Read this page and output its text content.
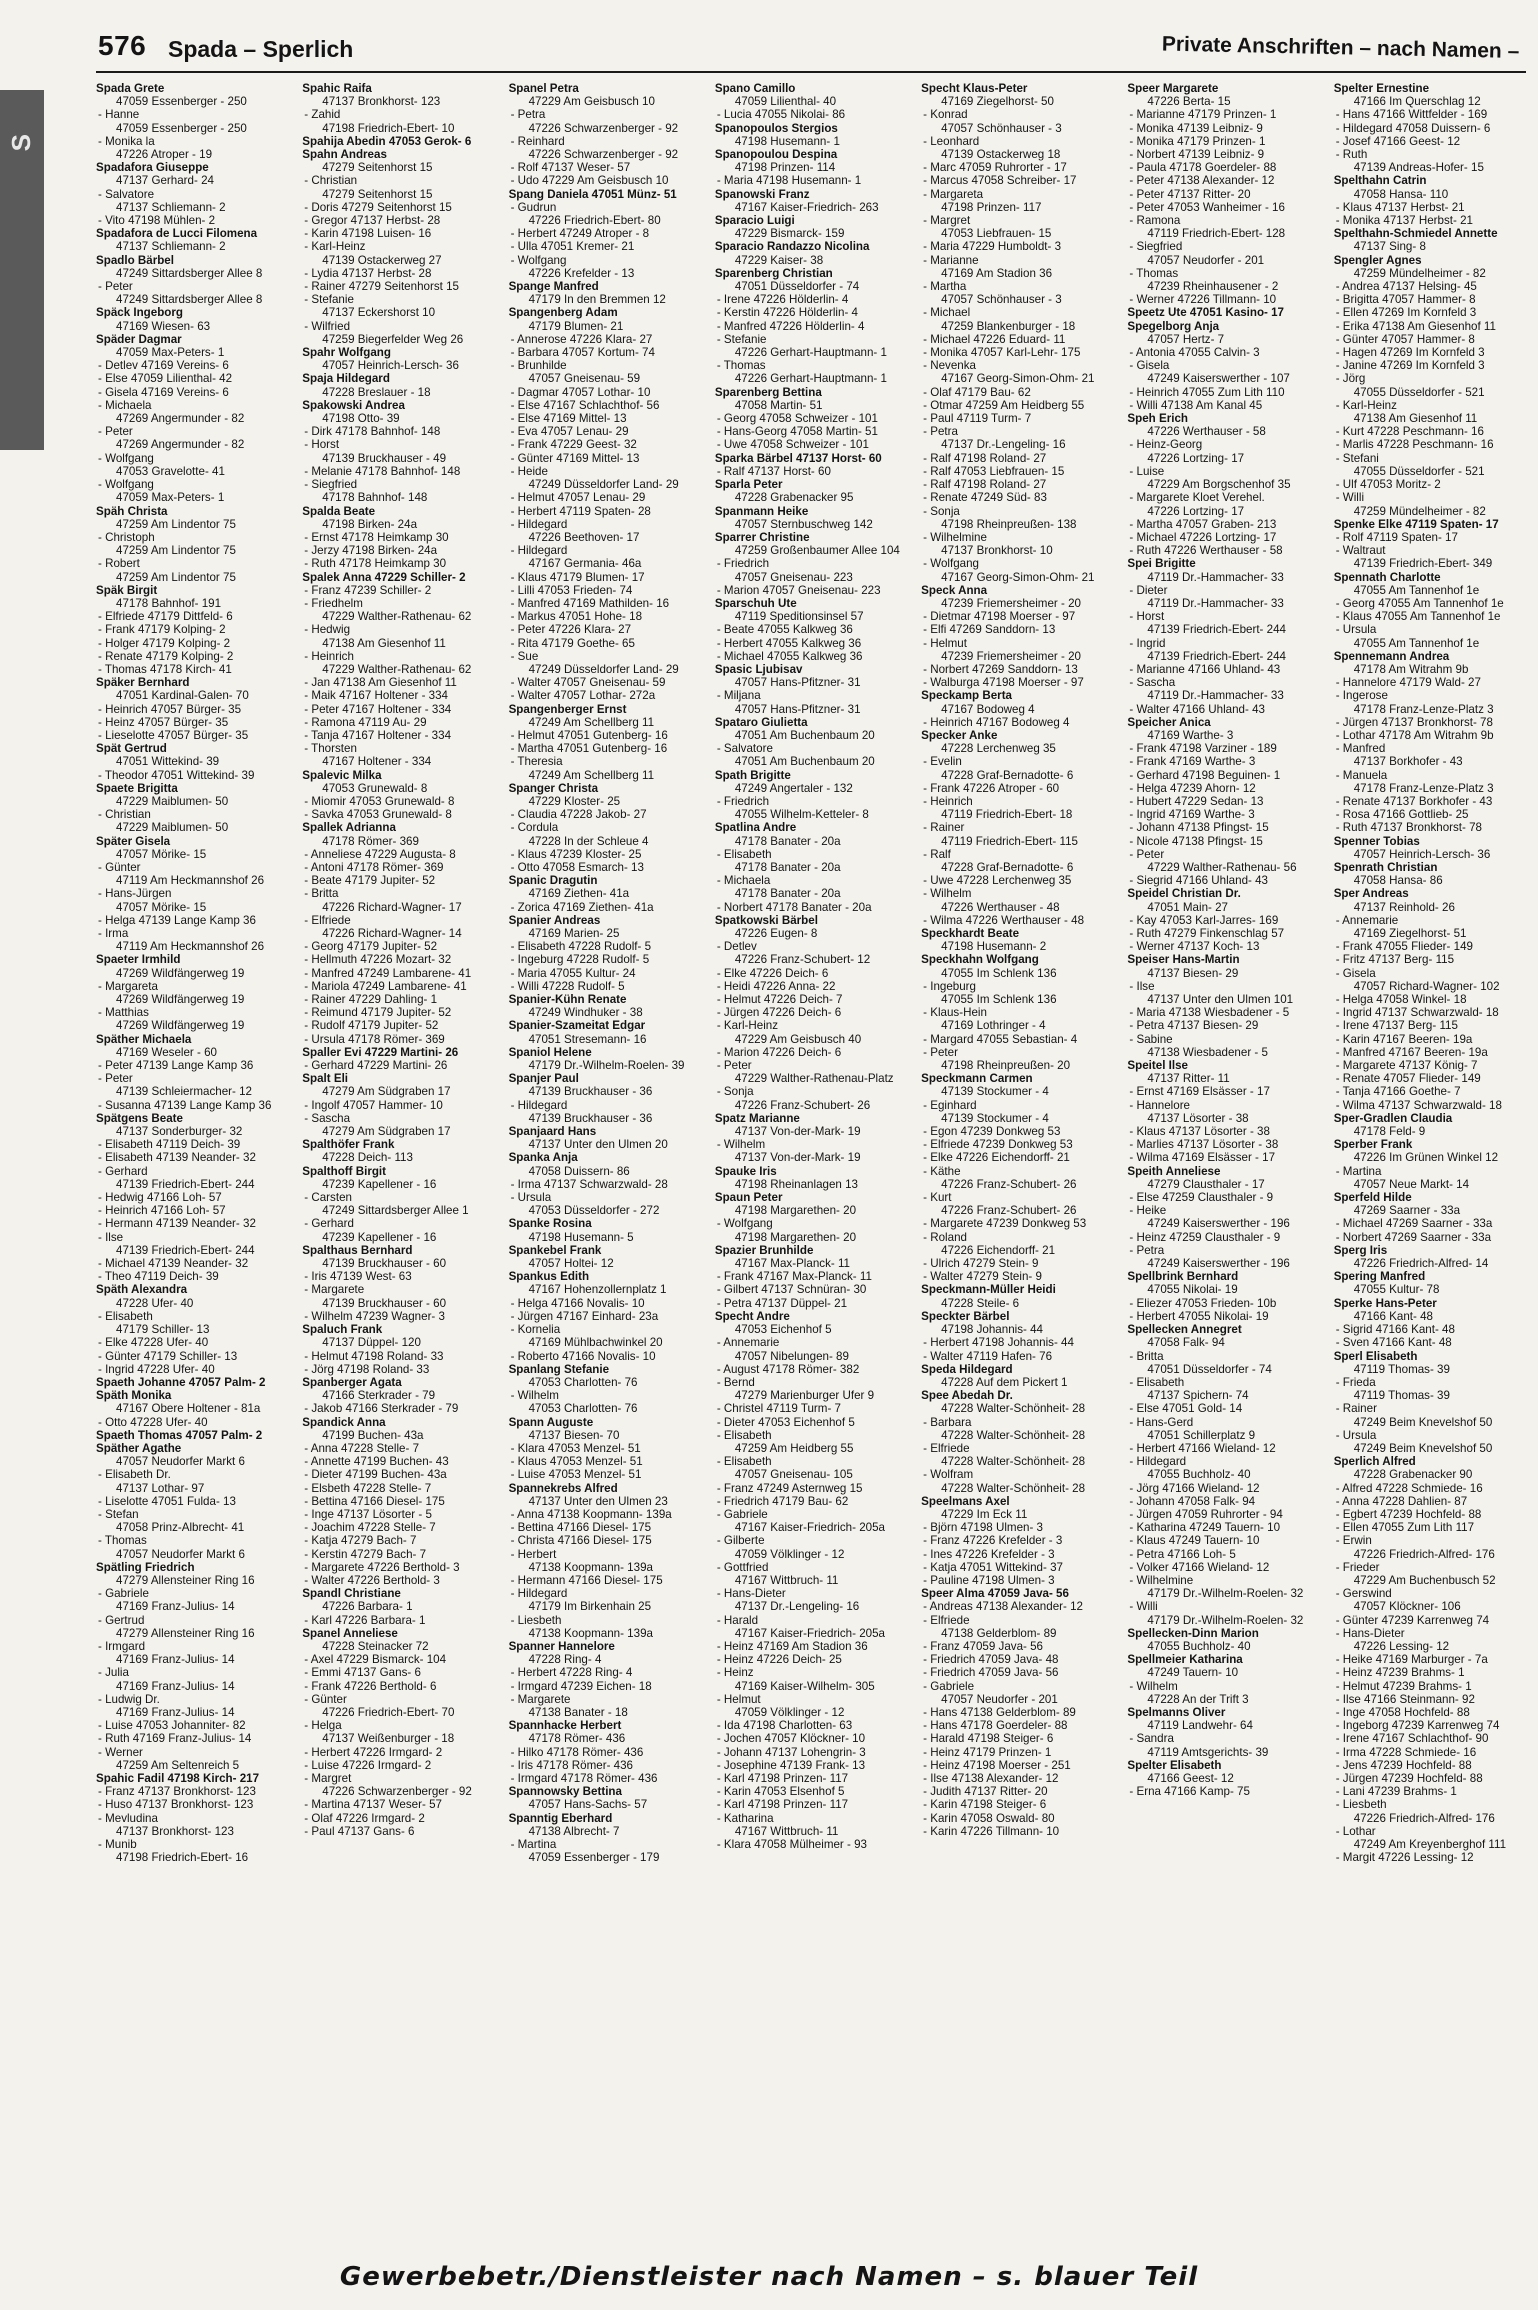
576 Spada – Sperlich	Private Anschriften – nach Namen –
S
Spada Grete
47059 Essenberger - 250
- Hanne
47059 Essenberger - 250
- Monika la
47226 Atroper - 19
Spadafora Giuseppe
47137 Gerhard- 24
- Salvatore
47137 Schliemann- 2
- Vito 47198 Mühlen- 2
Spadafora de Lucci Filomena
47137 Schliemann- 2
Spadlo Bärbel
47249 Sittardsberger Allee 8
- Peter
47249 Sittardsberger Allee 8
Späck Ingeborg
47169 Wiesen- 63
Späder Dagmar
47059 Max-Peters- 1
- Detlev 47169 Vereins- 6
- Else 47059 Lilienthal- 42
- Gisela 47169 Vereins- 6
- Michaela
47269 Angermunder - 82
- Peter
47269 Angermunder - 82
- Wolfgang
47053 Gravelotte- 41
- Wolfgang
47059 Max-Peters- 1
Späh Christa
47259 Am Lindentor 75
- Christoph
47259 Am Lindentor 75
- Robert
47259 Am Lindentor 75
Späk Birgit
47178 Bahnhof- 191
- Elfriede 47179 Dittfeld- 6
- Frank 47179 Kolping- 2
- Holger 47179 Kolping- 2
- Renate 47179 Kolping- 2
- Thomas 47178 Kirch- 41
Späker Bernhard
47051 Kardinal-Galen- 70
- Heinrich 47057 Bürger- 35
- Heinz 47057 Bürger- 35
- Lieselotte 47057 Bürger- 35
Spät Gertrud
47051 Wittekind- 39
- Theodor 47051 Wittekind- 39
Spaete Brigitta
47229 Maiblumen- 50
- Christian
47229 Maiblumen- 50
Später Gisela
47057 Mörike- 15
- Günter
47119 Am Heckmannshof 26
- Hans-Jürgen
47057 Mörike- 15
- Helga 47139 Lange Kamp 36
- Irma
47119 Am Heckmannshof 26
Spaeter Irmhild
47269 Wildfängerweg 19
- Margareta
47269 Wildfängerweg 19
- Matthias
47269 Wildfängerweg 19
Späther Michaela
47169 Weseler - 60
- Peter 47139 Lange Kamp 36
- Peter
47139 Schleiermacher- 12
- Susanna 47139 Lange Kamp 36
Spätgens Beate
47137 Sonderburger- 32
- Elisabeth 47119 Deich- 39
- Elisabeth 47139 Neander- 32
- Gerhard
47139 Friedrich-Ebert- 244
- Hedwig 47166 Loh- 57
- Heinrich 47166 Loh- 57
- Hermann 47139 Neander- 32
- Ilse
47139 Friedrich-Ebert- 244
- Michael 47139 Neander- 32
- Theo 47119 Deich- 39
Späth Alexandra
47228 Ufer- 40
- Elisabeth
47179 Schiller- 13
- Elke 47228 Ufer- 40
- Günter 47179 Schiller- 13
- Ingrid 47228 Ufer- 40
Spaeth Johanne 47057 Palm- 2
Späth Monika
47167 Obere Holtener - 81a
- Otto 47228 Ufer- 40
Spaeth Thomas 47057 Palm- 2
Späther Agathe
47057 Neudorfer Markt 6
- Elisabeth Dr.
47137 Lothar- 97
- Liselotte 47051 Fulda- 13
- Stefan
47058 Prinz-Albrecht- 41
- Thomas
47057 Neudorfer Markt 6
Spätling Friedrich
47279 Allensteiner Ring 16
- Gabriele
47169 Franz-Julius- 14
- Gertrud
47279 Allensteiner Ring 16
- Irmgard
47169 Franz-Julius- 14
- Julia
47169 Franz-Julius- 14
- Ludwig Dr.
47169 Franz-Julius- 14
- Luise 47053 Johanniter- 82
- Ruth 47169 Franz-Julius- 14
- Werner
47259 Am Seltenreich 5
Spahic Fadil 47198 Kirch- 217
- Franz 47137 Bronkhorst- 123
- Huso 47137 Bronkhorst- 123
- Mevludina
47137 Bronkhorst- 123
- Munib
47198 Friedrich-Ebert- 16
Spahic Raifa
47137 Bronkhorst- 123
- Zahid
47198 Friedrich-Ebert- 10
Spahija Abedin 47053 Gerok- 6
Spahn Andreas
47279 Seitenhorst 15
- Christian
47279 Seitenhorst 15
- Doris 47279 Seitenhorst 15
- Gregor 47137 Herbst- 28
- Karin 47198 Luisen- 16
- Karl-Heinz
47139 Ostackerweg 27
- Lydia 47137 Herbst- 28
- Rainer 47279 Seitenhorst 15
- Stefanie
47137 Eckershorst 10
- Wilfried
47259 Biegerfelder Weg 26
Spahr Wolfgang
47057 Heinrich-Lersch- 36
Spaja Hildegard
47228 Breslauer - 18
Spakowski Andrea
47198 Otto- 39
- Dirk 47178 Bahnhof- 148
- Horst
47139 Bruckhauser - 49
- Melanie 47178 Bahnhof- 148
- Siegfried
47178 Bahnhof- 148
Spalda Beate
47198 Birken- 24a
- Ernst 47178 Heimkamp 30
- Jerzy 47198 Birken- 24a
- Ruth 47178 Heimkamp 30
Spalek Anna 47229 Schiller- 2
- Franz 47239 Schiller- 2
- Friedhelm
47229 Walther-Rathenau- 62
- Hedwig
47138 Am Giesenhof 11
- Heinrich
47229 Walther-Rathenau- 62
- Jan 47138 Am Giesenhof 11
- Maik 47167 Holtener - 334
- Peter 47167 Holtener - 334
- Ramona 47119 Au- 29
- Tanja 47167 Holtener - 334
- Thorsten
47167 Holtener - 334
Spalevic Milka
47053 Grunewald- 8
- Miomir 47053 Grunewald- 8
- Savka 47053 Grunewald- 8
Spallek Adrianna
47178 Römer- 369
- Anneliese 47229 Augusta- 8
- Antoni 47178 Römer- 369
- Beate 47179 Jupiter- 52
- Britta
47226 Richard-Wagner- 17
- Elfriede
47226 Richard-Wagner- 14
- Georg 47179 Jupiter- 52
- Hellmuth 47226 Mozart- 32
- Manfred 47249 Lambarene- 41
- Mariola 47249 Lambarene- 41
- Rainer 47229 Dahling- 1
- Reimund 47179 Jupiter- 52
- Rudolf 47179 Jupiter- 52
- Ursula 47178 Römer- 369
Spaller Evi 47229 Martini- 26
- Gerhard 47229 Martini- 26
Spalt Eli
47279 Am Südgraben 17
- Ingolf 47057 Hammer- 10
- Sascha
47279 Am Südgraben 17
Spalthöfer Frank
47228 Deich- 113
Spalthoff Birgit
47239 Kapellener - 16
- Carsten
47249 Sittardsberger Allee 1
- Gerhard
47239 Kapellener - 16
Spalthaus Bernhard
47139 Bruckhauser - 60
- Iris 47139 West- 63
- Margarete
47139 Bruckhauser - 60
- Wilhelm 47239 Wagner- 3
Spaluch Frank
47137 Düppel- 120
- Helmut 47198 Roland- 33
- Jörg 47198 Roland- 33
Spanberger Agata
47166 Sterkrader - 79
- Jakob 47166 Sterkrader - 79
Spandick Anna
47199 Buchen- 43a
- Anna 47228 Stelle- 7
- Annette 47199 Buchen- 43
- Dieter 47199 Buchen- 43a
- Elsbeth 47228 Stelle- 7
- Bettina 47166 Diesel- 175
- Inge 47137 Lösorter - 5
- Joachim 47228 Stelle- 7
- Katja 47279 Bach- 7
- Kerstin 47279 Bach- 7
- Margarete 47226 Berthold- 3
- Walter 47226 Berthold- 3
Spandl Christiane
47226 Barbara- 1
- Karl 47226 Barbara- 1
Spanel Anneliese
47228 Steinacker 72
- Axel 47229 Bismarck- 104
- Emmi 47137 Gans- 6
- Frank 47226 Berthold- 6
- Günter
47226 Friedrich-Ebert- 70
- Helga
47137 Weißenburger - 18
- Herbert 47226 Irmgard- 2
- Luise 47226 Irmgard- 2
- Margret
47226 Schwarzenberger - 92
- Martina 47137 Weser- 57
- Olaf 47226 Irmgard- 2
- Paul 47137 Gans- 6
Spanel Petra
47229 Am Geisbusch 10
- Petra
47226 Schwarzenberger - 92
- Reinhard
47226 Schwarzenberger - 92
- Rolf 47137 Weser- 57
- Udo 47229 Am Geisbusch 10
Spang Daniela 47051 Münz- 51
- Gudrun
47226 Friedrich-Ebert- 80
- Herbert 47249 Atroper - 8
- Ulla 47051 Kremer- 21
- Wolfgang
47226 Krefelder - 13
Spange Manfred
47179 In den Bremmen 12
Spangenberg Adam
47179 Blumen- 21
- Annerose 47226 Klara- 27
- Barbara 47057 Kortum- 74
- Brunhilde
47057 Gneisenau- 59
- Dagmar 47057 Lothar- 10
- Else 47167 Schlachthof- 56
- Else 47169 Mittel- 13
- Eva 47057 Lenau- 29
- Frank 47229 Geest- 32
- Günter 47169 Mittel- 13
- Heide
47249 Düsseldorfer Land- 29
- Helmut 47057 Lenau- 29
- Herbert 47119 Spaten- 28
- Hildegard
47226 Beethoven- 17
- Hildegard
47167 Germania- 46a
- Klaus 47179 Blumen- 17
- Lilli 47053 Frieden- 74
- Manfred 47169 Mathilden- 16
- Markus 47051 Hohe- 18
- Peter 47226 Klara- 27
- Rita 47179 Goethe- 65
- Sue
47249 Düsseldorfer Land- 29
- Walter 47057 Gneisenau- 59
- Walter 47057 Lothar- 272a
Spangenberger Ernst
47249 Am Schellberg 11
- Helmut 47051 Gutenberg- 16
- Martha 47051 Gutenberg- 16
- Theresia
47249 Am Schellberg 11
Spanger Christa
47229 Kloster- 25
- Claudia 47228 Jakob- 27
- Cordula
47228 In der Schleue 4
- Klaus 47239 Kloster- 25
- Otto 47058 Esmarch- 13
Spanic Dragutin
47169 Ziethen- 41a
- Zorica 47169 Ziethen- 41a
Spanier Andreas
47169 Marien- 25
- Elisabeth 47228 Rudolf- 5
- Ingeburg 47228 Rudolf- 5
- Maria 47055 Kultur- 24
- Willi 47228 Rudolf- 5
Spanier-Kühn Renate
47249 Windhuker - 38
Spanier-Szameitat Edgar
47051 Stresemann- 16
Spaniol Helene
47179 Dr.-Wilhelm-Roelen- 39
Spanjer Paul
47139 Bruckhauser - 36
- Hildegard
47139 Bruckhauser - 36
Spanjaard Hans
47137 Unter den Ulmen 20
Spanka Anja
47058 Duissern- 86
- Irma 47137 Schwarzwald- 28
- Ursula
47053 Düsseldorfer - 272
Spanke Rosina
47198 Husemann- 5
Spankebel Frank
47057 Holtei- 12
Spankus Edith
47167 Hohenzollernplatz 1
- Helga 47166 Novalis- 10
- Jürgen 47167 Einhard- 23a
- Kornelia
47169 Mühlbachwinkel 20
- Roberto 47166 Novalis- 10
Spanlang Stefanie
47053 Charlotten- 76
- Wilhelm
47053 Charlotten- 76
Spann Auguste
47137 Biesen- 70
- Klara 47053 Menzel- 51
- Klaus 47053 Menzel- 51
- Luise 47053 Menzel- 51
Spannekrebs Alfred
47137 Unter den Ulmen 23
- Anna 47138 Koopmann- 139a
- Bettina 47166 Diesel- 175
- Christa 47166 Diesel- 175
- Herbert
47138 Koopmann- 139a
- Hermann 47166 Diesel- 175
- Hildegard
47179 Im Birkenhain 25
- Liesbeth
47138 Koopmann- 139a
Spanner Hannelore
47228 Ring- 4
- Herbert 47228 Ring- 4
- Irmgard 47239 Eichen- 18
- Margarete
47138 Banater - 18
Spannhacke Herbert
47178 Römer- 436
- Hilko 47178 Römer- 436
- Iris 47178 Römer- 436
- Irmgard 47178 Römer- 436
Spannowsky Bettina
47057 Hans-Sachs- 57
Spanntig Eberhard
47138 Albrecht- 7
- Martina
47059 Essenberger - 179
Spano Camillo
47059 Lilienthal- 40
- Lucia 47055 Nikolai- 86
Spanopoulos Stergios
47198 Husemann- 1
Spanopoulou Despina
47198 Prinzen- 114
- Maria 47198 Husemann- 1
Spanowski Franz
47167 Kaiser-Friedrich- 263
Sparacio Luigi
47229 Bismarck- 159
Sparacio Randazzo Nicolina
47229 Kaiser- 38
Sparenberg Christian
47051 Düsseldorfer - 74
- Irene 47226 Hölderlin- 4
- Kerstin 47226 Hölderlin- 4
- Manfred 47226 Hölderlin- 4
- Stefanie
47226 Gerhart-Hauptmann- 1
- Thomas
47226 Gerhart-Hauptmann- 1
Sparenberg Bettina
47058 Martin- 51
- Georg 47058 Schweizer - 101
- Hans-Georg 47058 Martin- 51
- Uwe 47058 Schweizer - 101
Sparka Bärbel 47137 Horst- 60
- Ralf 47137 Horst- 60
Sparla Peter
47228 Grabenacker 95
Spanmann Heike
47057 Sternbuschweg 142
Sparrer Christine
47259 Großenbaumer Allee 104
- Friedrich
47057 Gneisenau- 223
- Marion 47057 Gneisenau- 223
Sparschuh Ute
47119 Speditionsinsel 57
- Beate 47055 Kalkweg 36
- Herbert 47055 Kalkweg 36
- Michael 47055 Kalkweg 36
Spasic Ljubisav
47057 Hans-Pfitzner- 31
- Miljana
47057 Hans-Pfitzner- 31
Spataro Giulietta
47051 Am Buchenbaum 20
- Salvatore
47051 Am Buchenbaum 20
Spath Brigitte
47249 Angertaler - 132
- Friedrich
47055 Wilhelm-Ketteler- 8
Spatlina Andre
47178 Banater - 20a
- Elisabeth
47178 Banater - 20a
- Michaela
47178 Banater - 20a
- Norbert 47178 Banater - 20a
Spatkowski Bärbel
47226 Eugen- 8
- Detlev
47226 Franz-Schubert- 12
- Elke 47226 Deich- 6
- Heidi 47226 Anna- 22
- Helmut 47226 Deich- 7
- Jürgen 47226 Deich- 6
- Karl-Heinz
47229 Am Geisbusch 40
- Marion 47226 Deich- 6
- Peter
47229 Walther-Rathenau-Platz
- Sonja
47226 Franz-Schubert- 26
Spatz Marianne
47137 Von-der-Mark- 19
- Wilhelm
47137 Von-der-Mark- 19
Spauke Iris
47198 Rheinanlagen 13
Spaun Peter
47198 Margarethen- 20
- Wolfgang
47198 Margarethen- 20
Spazier Brunhilde
47167 Max-Planck- 11
- Frank 47167 Max-Planck- 11
- Gilbert 47137 Schnüran- 30
- Petra 47137 Düppel- 21
Specht Andre
47053 Eichenhof 5
- Annemarie
47057 Nibelungen- 89
- August 47178 Römer- 382
- Bernd
47279 Marienburger Ufer 9
- Christel 47119 Turm- 7
- Dieter 47053 Eichenhof 5
- Elisabeth
47259 Am Heidberg 55
- Elisabeth
47057 Gneisenau- 105
- Franz 47249 Asternweg 15
- Friedrich 47179 Bau- 62
- Gabriele
47167 Kaiser-Friedrich- 205a
- Gilberte
47059 Völklinger - 12
- Gottfried
47167 Wittbruch- 11
- Hans-Dieter
47137 Dr.-Lengeling- 16
- Harald
47167 Kaiser-Friedrich- 205a
- Heinz 47169 Am Stadion 36
- Heinz 47226 Deich- 25
- Heinz
47169 Kaiser-Wilhelm- 305
- Helmut
47059 Völklinger - 12
- Ida 47198 Charlotten- 63
- Jochen 47057 Klöckner- 10
- Johann 47137 Lohengrin- 3
- Josephine 47139 Frank- 13
- Karl 47198 Prinzen- 117
- Karin 47053 Elsenhof 5
- Karl 47198 Prinzen- 117
- Katharina
47167 Wittbruch- 11
- Klara 47058 Mülheimer - 93
Specht Klaus-Peter
47169 Ziegelhorst- 50
- Konrad
47057 Schönhauser - 3
- Leonhard
47139 Ostackerweg 18
- Marc 47059 Ruhrorter - 17
- Marcus 47058 Schreiber- 17
- Margareta
47198 Prinzen- 117
- Margret
47053 Liebfrauen- 15
- Maria 47229 Humboldt- 3
- Marianne
47169 Am Stadion 36
- Martha
47057 Schönhauser - 3
- Michael
47259 Blankenburger - 18
- Michael 47226 Eduard- 11
- Monika 47057 Karl-Lehr- 175
- Nevenka
47167 Georg-Simon-Ohm- 21
- Olaf 47179 Bau- 62
- Otmar 47259 Am Heidberg 55
- Paul 47119 Turm- 7
- Petra
47137 Dr.-Lengeling- 16
- Ralf 47198 Roland- 27
- Ralf 47053 Liebfrauen- 15
- Ralf 47198 Roland- 27
- Renate 47249 Süd- 83
- Sonja
47198 Rheinpreußen- 138
- Wilhelmine
47137 Bronkhorst- 10
- Wolfgang
47167 Georg-Simon-Ohm- 21
Speck Anna
47239 Friemersheimer - 20
- Dietmar 47198 Moerser - 97
- Elfi 47269 Sanddorn- 13
- Helmut
47239 Friemersheimer - 20
- Norbert 47269 Sanddorn- 13
- Walburga 47198 Moerser - 97
Speckamp Berta
47167 Bodoweg 4
- Heinrich 47167 Bodoweg 4
Specker Anke
47228 Lerchenweg 35
- Evelin
47228 Graf-Bernadotte- 6
- Frank 47226 Atroper - 60
- Heinrich
47119 Friedrich-Ebert- 18
- Rainer
47119 Friedrich-Ebert- 115
- Ralf
47228 Graf-Bernadotte- 6
- Uwe 47228 Lerchenweg 35
- Wilhelm
47226 Werthauser - 48
- Wilma 47226 Werthauser - 48
Speckhardt Beate
47198 Husemann- 2
Speckhahn Wolfgang
47055 Im Schlenk 136
- Ingeburg
47055 Im Schlenk 136
- Klaus-Hein
47169 Lothringer - 4
- Margard 47055 Sebastian- 4
- Peter
47198 Rheinpreußen- 20
Speckmann Carmen
47139 Stockumer - 4
- Eginhard
47139 Stockumer - 4
- Egon 47239 Donkweg 53
- Elfriede 47239 Donkweg 53
- Elke 47226 Eichendorff- 21
- Käthe
47226 Franz-Schubert- 26
- Kurt
47226 Franz-Schubert- 26
- Margarete 47239 Donkweg 53
- Roland
47226 Eichendorff- 21
- Ulrich 47279 Stein- 9
- Walter 47279 Stein- 9
Speckmann-Müller Heidi
47228 Steile- 6
Speckter Bärbel
47198 Johannis- 44
- Herbert 47198 Johannis- 44
- Walter 47119 Hafen- 76
Speda Hildegard
47228 Auf dem Pickert 1
Spee Abedah Dr.
47228 Walter-Schönheit- 28
- Barbara
47228 Walter-Schönheit- 28
- Elfriede
47228 Walter-Schönheit- 28
- Wolfram
47228 Walter-Schönheit- 28
Speelmans Axel
47229 Im Eck 11
- Björn 47198 Ulmen- 3
- Franz 47226 Krefelder - 3
- Ines 47226 Krefelder - 3
- Katja 47051 Wittekind- 37
- Pauline 47198 Ulmen- 3
Speer Alma 47059 Java- 56
- Andreas 47138 Alexander- 12
- Elfriede
47138 Gelderblom- 89
- Franz 47059 Java- 56
- Friedrich 47059 Java- 48
- Friedrich 47059 Java- 56
- Gabriele
47057 Neudorfer - 201
- Hans 47138 Gelderblom- 89
- Hans 47178 Goerdeler- 88
- Harald 47198 Steiger- 6
- Heinz 47179 Prinzen- 1
- Heinz 47198 Moerser - 251
- Ilse 47138 Alexander- 12
- Judith 47137 Ritter- 20
- Karin 47198 Steiger- 6
- Karin 47058 Oswald- 80
- Karin 47226 Tillmann- 10
Speer Margarete
47226 Berta- 15
- Marianne 47179 Prinzen- 1
- Monika 47139 Leibniz- 9
- Monika 47179 Prinzen- 1
- Norbert 47139 Leibniz- 9
- Paula 47178 Goerdeler- 88
- Peter 47138 Alexander- 12
- Peter 47137 Ritter- 20
- Peter 47053 Wanheimer - 16
- Ramona
47119 Friedrich-Ebert- 128
- Siegfried
47057 Neudorfer - 201
- Thomas
47239 Rheinhausener - 2
- Werner 47226 Tillmann- 10
Speetz Ute 47051 Kasino- 17
Spegelborg Anja
47057 Hertz- 7
- Antonia 47055 Calvin- 3
- Gisela
47249 Kaiserswerther - 107
- Heinrich 47055 Zum Lith 110
- Willi 47138 Am Kanal 45
Speh Erich
47226 Werthauser - 58
- Heinz-Georg
47226 Lortzing- 17
- Luise
47229 Am Borgschenhof 35
- Margarete Kloet Verehel.
47226 Lortzing- 17
- Martha 47057 Graben- 213
- Michael 47226 Lortzing- 17
- Ruth 47226 Werthauser - 58
Spei Brigitte
47119 Dr.-Hammacher- 33
- Dieter
47119 Dr.-Hammacher- 33
- Horst
47139 Friedrich-Ebert- 244
- Ingrid
47139 Friedrich-Ebert- 244
- Marianne 47166 Uhland- 43
- Sascha
47119 Dr.-Hammacher- 33
- Walter 47166 Uhland- 43
Speicher Anica
47169 Warthe- 3
- Frank 47198 Varziner - 189
- Frank 47169 Warthe- 3
- Gerhard 47198 Beguinen- 1
- Helga 47239 Ahorn- 12
- Hubert 47229 Sedan- 13
- Ingrid 47169 Warthe- 3
- Johann 47138 Pfingst- 15
- Nicole 47138 Pfingst- 15
- Peter
47229 Walther-Rathenau- 56
- Siegrid 47166 Uhland- 43
Speidel Christian Dr.
47051 Main- 27
- Kay 47053 Karl-Jarres- 169
- Ruth 47279 Finkenschlag 57
- Werner 47137 Koch- 13
Speiser Hans-Martin
47137 Biesen- 29
- Ilse
47137 Unter den Ulmen 101
- Maria 47138 Wiesbadener - 5
- Petra 47137 Biesen- 29
- Sabine
47138 Wiesbadener - 5
Speitel Ilse
47137 Ritter- 11
- Ernst 47169 Elsässer - 17
- Hannelore
47137 Lösorter - 38
- Klaus 47137 Lösorter - 38
- Marlies 47137 Lösorter - 38
- Wilma 47169 Elsässer - 17
Speith Anneliese
47279 Clausthaler - 17
- Else 47259 Clausthaler - 9
- Heike
47249 Kaiserswerther - 196
- Heinz 47259 Clausthaler - 9
- Petra
47249 Kaiserswerther - 196
Spellbrink Bernhard
47055 Nikolai- 19
- Eliezer 47053 Frieden- 10b
- Herbert 47055 Nikolai- 19
Spellecken Annegret
47058 Falk- 94
- Britta
47051 Düsseldorfer - 74
- Elisabeth
47137 Spichern- 74
- Else 47051 Gold- 14
- Hans-Gerd
47051 Schillerplatz 9
- Herbert 47166 Wieland- 12
- Hildegard
47055 Buchholz- 40
- Jörg 47166 Wieland- 12
- Johann 47058 Falk- 94
- Jürgen 47059 Ruhrorter - 94
- Katharina 47249 Tauern- 10
- Klaus 47249 Tauern- 10
- Petra 47166 Loh- 5
- Volker 47166 Wieland- 12
- Wilhelmine
47179 Dr.-Wilhelm-Roelen- 32
- Willi
47179 Dr.-Wilhelm-Roelen- 32
Spellecken-Dinn Marion
47055 Buchholz- 40
Spellmeier Katharina
47249 Tauern- 10
- Wilhelm
47228 An der Trift 3
Spelmanns Oliver
47119 Landwehr- 64
- Sandra
47119 Amtsgerichts- 39
Spelter Elisabeth
47166 Geest- 12
- Erna 47166 Kamp- 75
Spelter Ernestine
47166 Im Querschlag 12
- Hans 47166 Wittfelder - 169
- Hildegard 47058 Duissern- 6
- Josef 47166 Geest- 12
- Ruth
47139 Andreas-Hofer- 15
Spelthahn Catrin
47058 Hansa- 110
- Klaus 47137 Herbst- 21
- Monika 47137 Herbst- 21
Spelthahn-Schmiedel Annette
47137 Sing- 8
Spengler Agnes
47259 Mündelheimer - 82
- Andrea 47137 Helsing- 45
- Brigitta 47057 Hammer- 8
- Ellen 47269 Im Kornfeld 3
- Erika 47138 Am Giesenhof 11
- Günter 47057 Hammer- 8
- Hagen 47269 Im Kornfeld 3
- Janine 47269 Im Kornfeld 3
- Jörg
47055 Düsseldorfer - 521
- Karl-Heinz
47138 Am Giesenhof 11
- Kurt 47228 Peschmann- 16
- Marlis 47228 Peschmann- 16
- Stefani
47055 Düsseldorfer - 521
- Ulf 47053 Moritz- 2
- Willi
47259 Mündelheimer - 82
Spenke Elke 47119 Spaten- 17
- Rolf 47119 Spaten- 17
- Waltraut
47139 Friedrich-Ebert- 349
Spennath Charlotte
47055 Am Tannenhof 1e
- Georg 47055 Am Tannenhof 1e
- Klaus 47055 Am Tannenhof 1e
- Ursula
47055 Am Tannenhof 1e
Spennemann Andrea
47178 Am Witrahm 9b
- Hannelore 47179 Wald- 27
- Ingerose
47178 Franz-Lenze-Platz 3
- Jürgen 47137 Bronkhorst- 78
- Lothar 47178 Am Witrahm 9b
- Manfred
47137 Borkhofer - 43
- Manuela
47178 Franz-Lenze-Platz 3
- Renate 47137 Borkhofer - 43
- Rosa 47166 Gottlieb- 25
- Ruth 47137 Bronkhorst- 78
Spenner Tobias
47057 Heinrich-Lersch- 36
Spenrath Christian
47058 Hansa- 86
Sper Andreas
47137 Reinhold- 26
- Annemarie
47169 Ziegelhorst- 51
- Frank 47055 Flieder- 149
- Fritz 47137 Berg- 115
- Gisela
47057 Richard-Wagner- 102
- Helga 47058 Winkel- 18
- Ingrid 47137 Schwarzwald- 18
- Irene 47137 Berg- 115
- Karin 47167 Beeren- 19a
- Manfred 47167 Beeren- 19a
- Margarete 47137 König- 7
- Renate 47057 Flieder- 149
- Tanja 47166 Goethe- 7
- Wilma 47137 Schwarzwald- 18
Sper-Gradlen Claudia
47178 Feld- 9
Sperber Frank
47226 Im Grünen Winkel 12
- Martina
47057 Neue Markt- 14
Sperfeld Hilde
47269 Saarner - 33a
- Michael 47269 Saarner - 33a
- Norbert 47269 Saarner - 33a
Sperg Iris
47226 Friedrich-Alfred- 14
Spering Manfred
47055 Kultur- 78
Sperke Hans-Peter
47166 Kant- 48
- Sigrid 47166 Kant- 48
- Sven 47166 Kant- 48
Sperl Elisabeth
47119 Thomas- 39
- Frieda
47119 Thomas- 39
- Rainer
47249 Beim Knevelshof 50
- Ursula
47249 Beim Knevelshof 50
Sperlich Alfred
47228 Grabenacker 90
- Alfred 47228 Schmiede- 16
- Anna 47228 Dahlien- 87
- Egbert 47239 Hochfeld- 88
- Ellen 47055 Zum Lith 117
- Erwin
47226 Friedrich-Alfred- 176
- Frieder
47229 Am Buchenbusch 52
- Gerswind
47057 Klöckner- 106
- Günter 47239 Karrenweg 74
- Hans-Dieter
47226 Lessing- 12
- Heike 47169 Marburger - 7a
- Heinz 47239 Brahms- 1
- Helmut 47239 Brahms- 1
- Ilse 47166 Steinmann- 92
- Inge 47058 Hochfeld- 88
- Ingeborg 47239 Karrenweg 74
- Irene 47167 Schlachthof- 90
- Irma 47228 Schmiede- 16
- Jens 47239 Hochfeld- 88
- Jürgen 47239 Hochfeld- 88
- Lani 47239 Brahms- 1
- Liesbeth
47226 Friedrich-Alfred- 176
- Lothar
47249 Am Kreyenberghof 111
- Margit 47226 Lessing- 12
Gewerbebetr./Dienstleister nach Namen – s. blauer Teil
